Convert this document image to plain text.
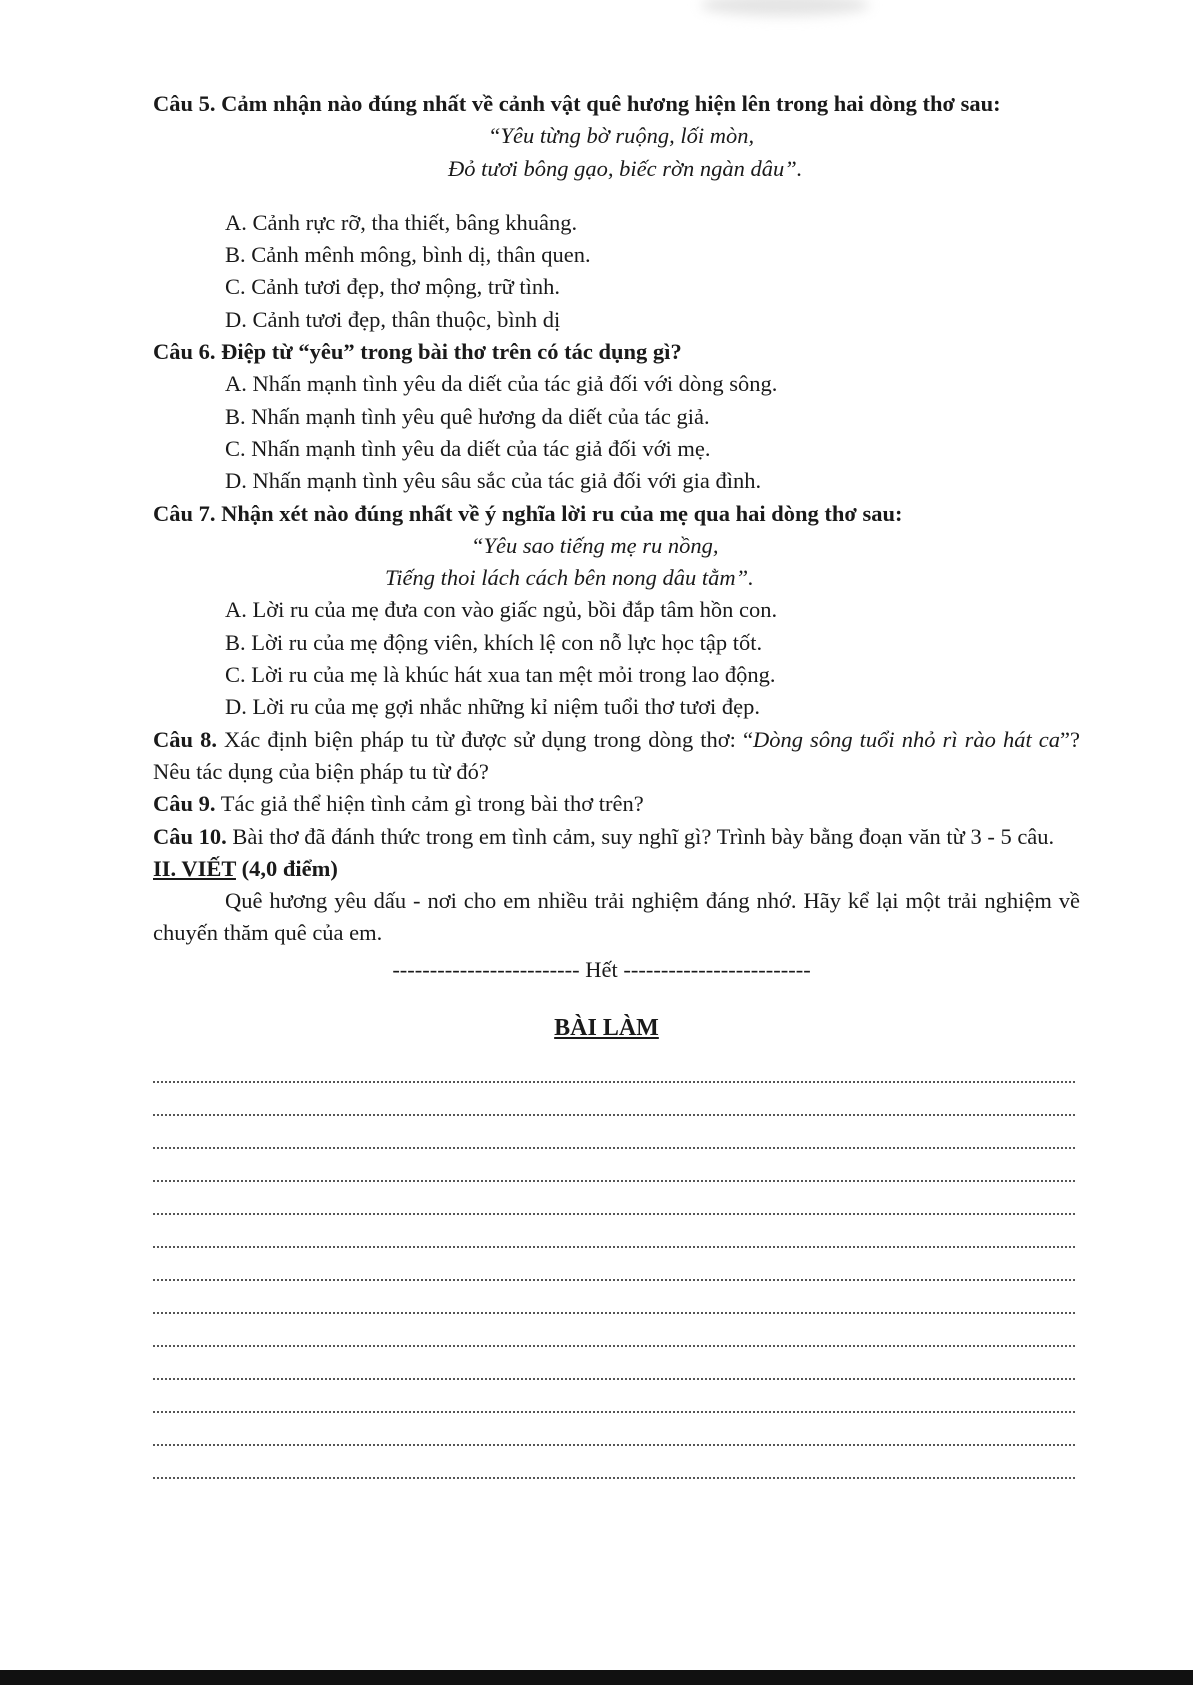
Câu 5. Cảm nhận nào đúng nhất về cảnh vật quê hương hiện lên trong hai dòng thơ sau:

“Yêu từng bờ ruộng, lối mòn,

Đỏ tươi bông gạo, biếc rờn ngàn dâu”.

A. Cảnh rực rỡ, tha thiết, bâng khuâng.

B. Cảnh mênh mông, bình dị, thân quen.

C. Cảnh tươi đẹp, thơ mộng, trữ tình.

D. Cảnh tươi đẹp, thân thuộc, bình dị

Câu 6. Điệp từ “yêu” trong bài thơ trên có tác dụng gì?

A. Nhấn mạnh tình yêu da diết của tác giả đối với dòng sông.

B. Nhấn mạnh tình yêu quê hương da diết của tác giả.

C. Nhấn mạnh tình yêu da diết của tác giả đối với mẹ.

D. Nhấn mạnh tình yêu sâu sắc của tác giả đối với gia đình.

Câu 7. Nhận xét nào đúng nhất về ý nghĩa lời ru của mẹ qua hai dòng thơ sau:

“Yêu sao tiếng mẹ ru nồng,

Tiếng thoi lách cách bên nong dâu tằm”.

A. Lời ru của mẹ đưa con vào giấc ngủ, bồi đắp tâm hồn con.

B. Lời ru của mẹ động viên, khích lệ con nỗ lực học tập tốt.

C. Lời ru của mẹ là khúc hát xua tan mệt mỏi trong lao động.

D. Lời ru của mẹ gợi nhắc những kỉ niệm tuổi thơ tươi đẹp.

Câu 8. Xác định biện pháp tu từ được sử dụng trong dòng thơ: “Dòng sông tuổi nhỏ rì rào hát ca”? Nêu tác dụng của biện pháp tu từ đó?

Câu 9. Tác giả thể hiện tình cảm gì trong bài thơ trên?

Câu 10. Bài thơ đã đánh thức trong em tình cảm, suy nghĩ gì? Trình bày bằng đoạn văn từ 3 - 5 câu.

II. VIẾT (4,0 điểm)

Quê hương yêu dấu - nơi cho em nhiều trải nghiệm đáng nhớ. Hãy kể lại một trải nghiệm về chuyến thăm quê của em.

------------------------- Hết -------------------------

BÀI LÀM
